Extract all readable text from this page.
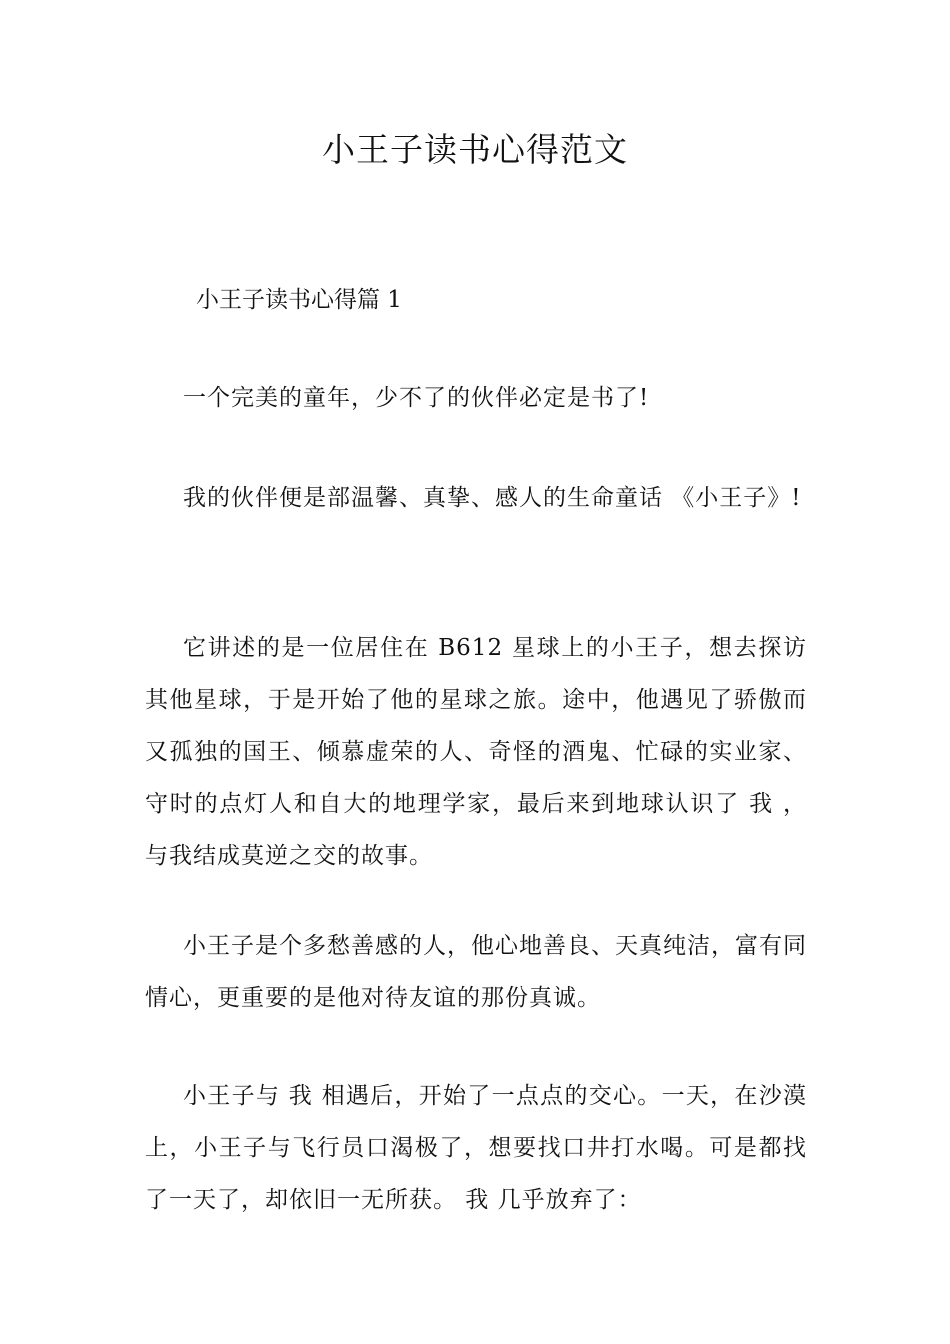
小王子读书心得范文
小王子读书心得篇 1

一个完美的童年，少不了的伙伴必定是书了!

我的伙伴便是部温馨、真挚、感人的生命童话 《小王子》!

它讲述的是一位居住在 B612 星球上的小王子，想去探访其他星球，于是开始了他的星球之旅。途中，他遇见了骄傲而又孤独的国王、倾慕虚荣的人、奇怪的酒鬼、忙碌的实业家、守时的点灯人和自大的地理学家，最后来到地球认识了 我 ，与我结成莫逆之交的故事。

小王子是个多愁善感的人，他心地善良、天真纯洁，富有同情心，更重要的是他对待友谊的那份真诚。

小王子与 我 相遇后，开始了一点点的交心。一天，在沙漠上，小王子与飞行员口渴极了，想要找口井打水喝。可是都找了一天了，却依旧一无所获。 我 几乎放弃了：
